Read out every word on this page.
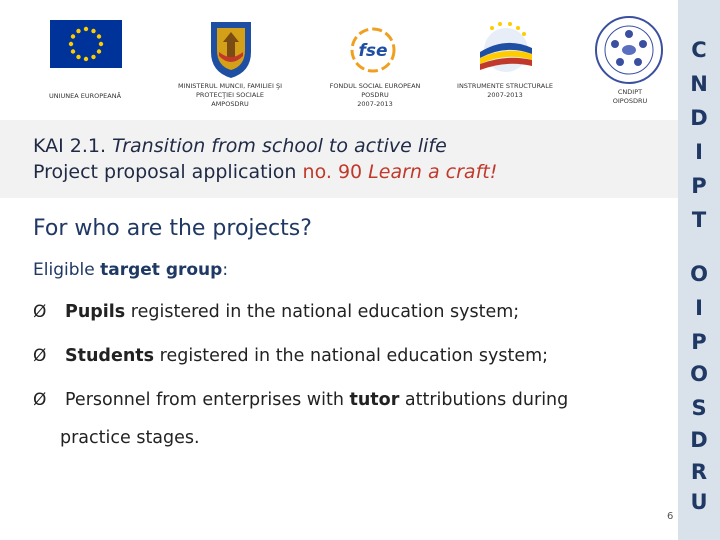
UNIUNEA EUROPEANĂ
MINISTERUL MUNCII, FAMILIEI ŞI
PROTECŢIEI SOCIALE
AMPOSDRU
fse
FONDUL SOCIAL EUROPEAN
POSDRU
2007-2013
INSTRUMENTE STRUCTURALE
2007-2013	CNDIPT
OIPOSDRU
KAI 2.1. Transition from school to active life
Project proposal application no. 90 Learn a craft!
C
N
D
I
P
T
O
I
P
O
S
D
R
U
For who are the projects?
Eligible target group:
Ø Pupils registered in the national education system;
Ø Students registered in the national education system;
Ø Personnel from enterprises with tutor attributions during
practice stages.
6
